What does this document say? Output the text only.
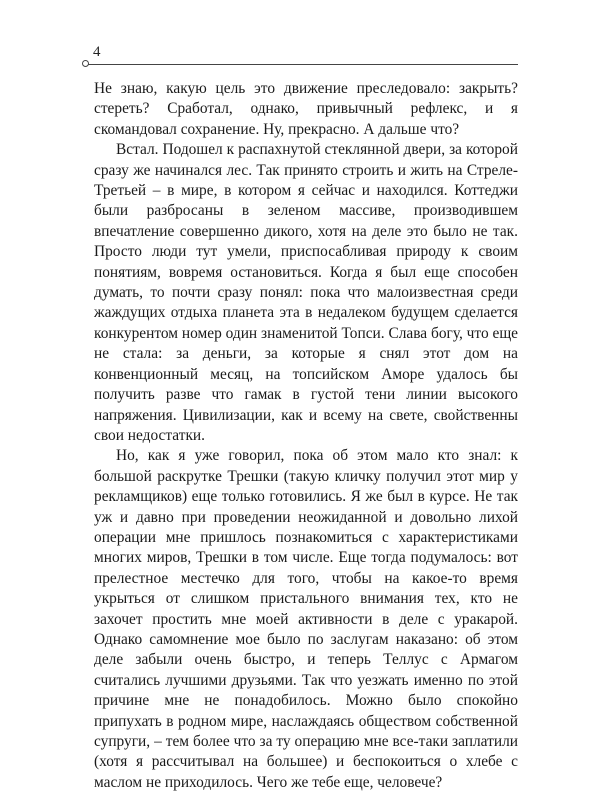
4

Не знаю, какую цель это движение преследовало: закрыть? стереть? Сработал, однако, привычный рефлекс, и я скомандовал сохранение. Ну, прекрасно. А дальше что?

Встал. Подошел к распахнутой стеклянной двери, за которой сразу же начинался лес. Так принято строить и жить на Стреле-Третьей – в мире, в котором я сейчас и находился. Коттеджи были разбросаны в зеленом массиве, производившем впечатление совершенно дикого, хотя на деле это было не так. Просто люди тут умели, приспосабливая природу к своим понятиям, вовремя остановиться. Когда я был еще способен думать, то почти сразу понял: пока что малоизвестная среди жаждущих отдыха планета эта в недалеком будущем сделается конкурентом номер один знаменитой Топси. Слава богу, что еще не стала: за деньги, за которые я снял этот дом на конвенционный месяц, на топсийском Аморе удалось бы получить разве что гамак в густой тени линии высокого напряжения. Цивилизации, как и всему на свете, свойственны свои недостатки.

Но, как я уже говорил, пока об этом мало кто знал: к большой раскрутке Трешки (такую кличку получил этот мир у рекламщиков) еще только готовились. Я же был в курсе. Не так уж и давно при проведении неожиданной и довольно лихой операции мне пришлось познакомиться с характеристиками многих миров, Трешки в том числе. Еще тогда подумалось: вот прелестное местечко для того, чтобы на какое-то время укрыться от слишком пристального внимания тех, кто не захочет простить мне моей активности в деле с уракарой. Однако самомнение мое было по заслугам наказано: об этом деле забыли очень быстро, и теперь Теллус с Армагом считались лучшими друзьями. Так что уезжать именно по этой причине мне не понадобилось. Можно было спокойно припухать в родном мире, наслаждаясь обществом собственной супруги, – тем более что за ту операцию мне все-таки заплатили (хотя я рассчитывал на большее) и беспокоиться о хлебе с маслом не приходилось. Чего же тебе еще, человече?
